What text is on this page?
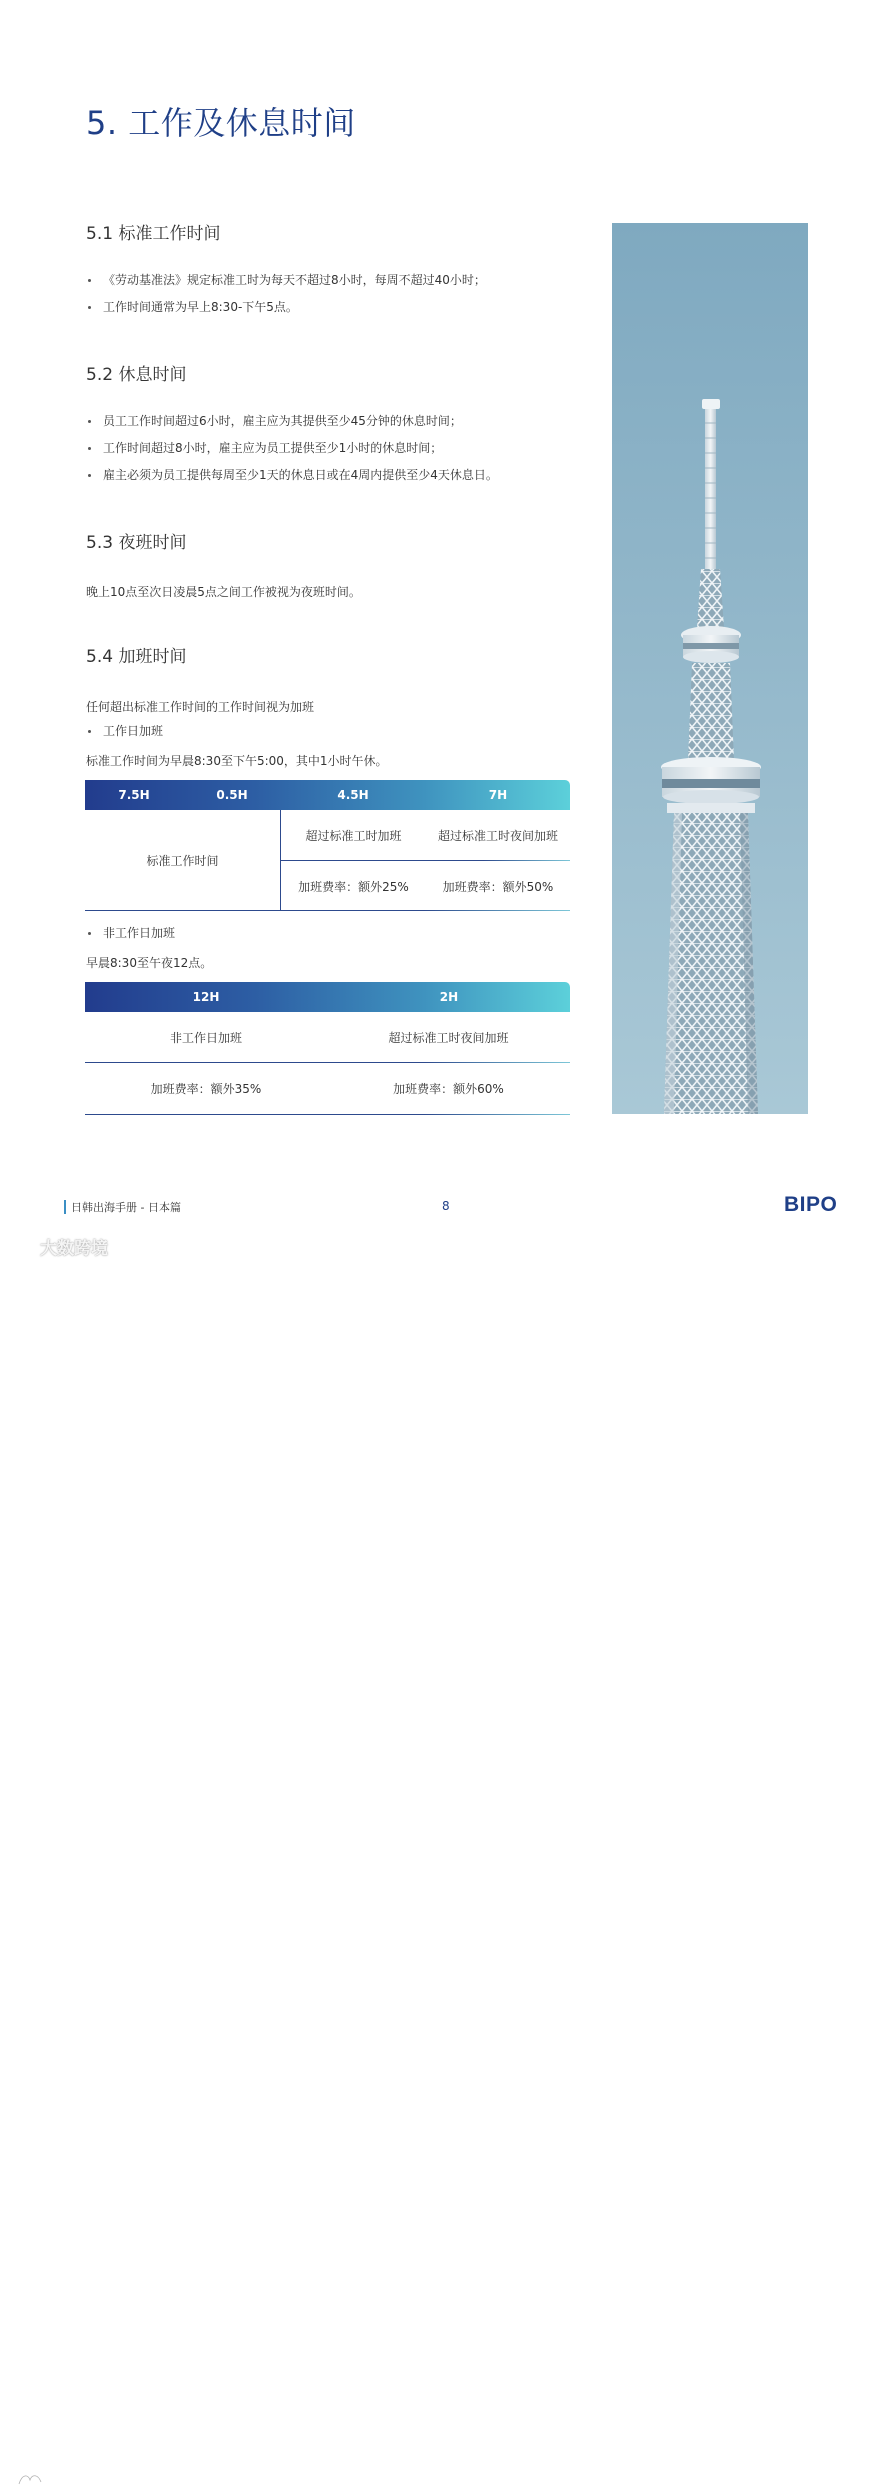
5. 工作及休息时间
5.1 标准工作时间
《劳动基准法》规定标准工时为每天不超过8小时，每周不超过40小时；
工作时间通常为早上8:30-下午5点。
5.2 休息时间
员工工作时间超过6小时，雇主应为其提供至少45分钟的休息时间；
工作时间超过8小时，雇主应为员工提供至少1小时的休息时间；
雇主必须为员工提供每周至少1天的休息日或在4周内提供至少4天休息日。
5.3 夜班时间

晚上10点至次日凌晨5点之间工作被视为夜班时间。

5.4 加班时间

任何超出标准工作时间的工作时间视为加班

工作日加班

标准工作时间为早晨8:30至下午5:00，其中1小时午休。

7.5H	0.5H	4.5H	7H
标准工作时间
超过标准工时加班	超过标准工时夜间加班
加班费率：额外25%	加班费率：额外50%
非工作日加班

早晨8:30至午夜12点。

12H	2H
非工作日加班	超过标准工时夜间加班
加班费率：额外35%	加班费率：额外60%
日韩出海手册 - 日本篇	8	BIPO
大数跨境
